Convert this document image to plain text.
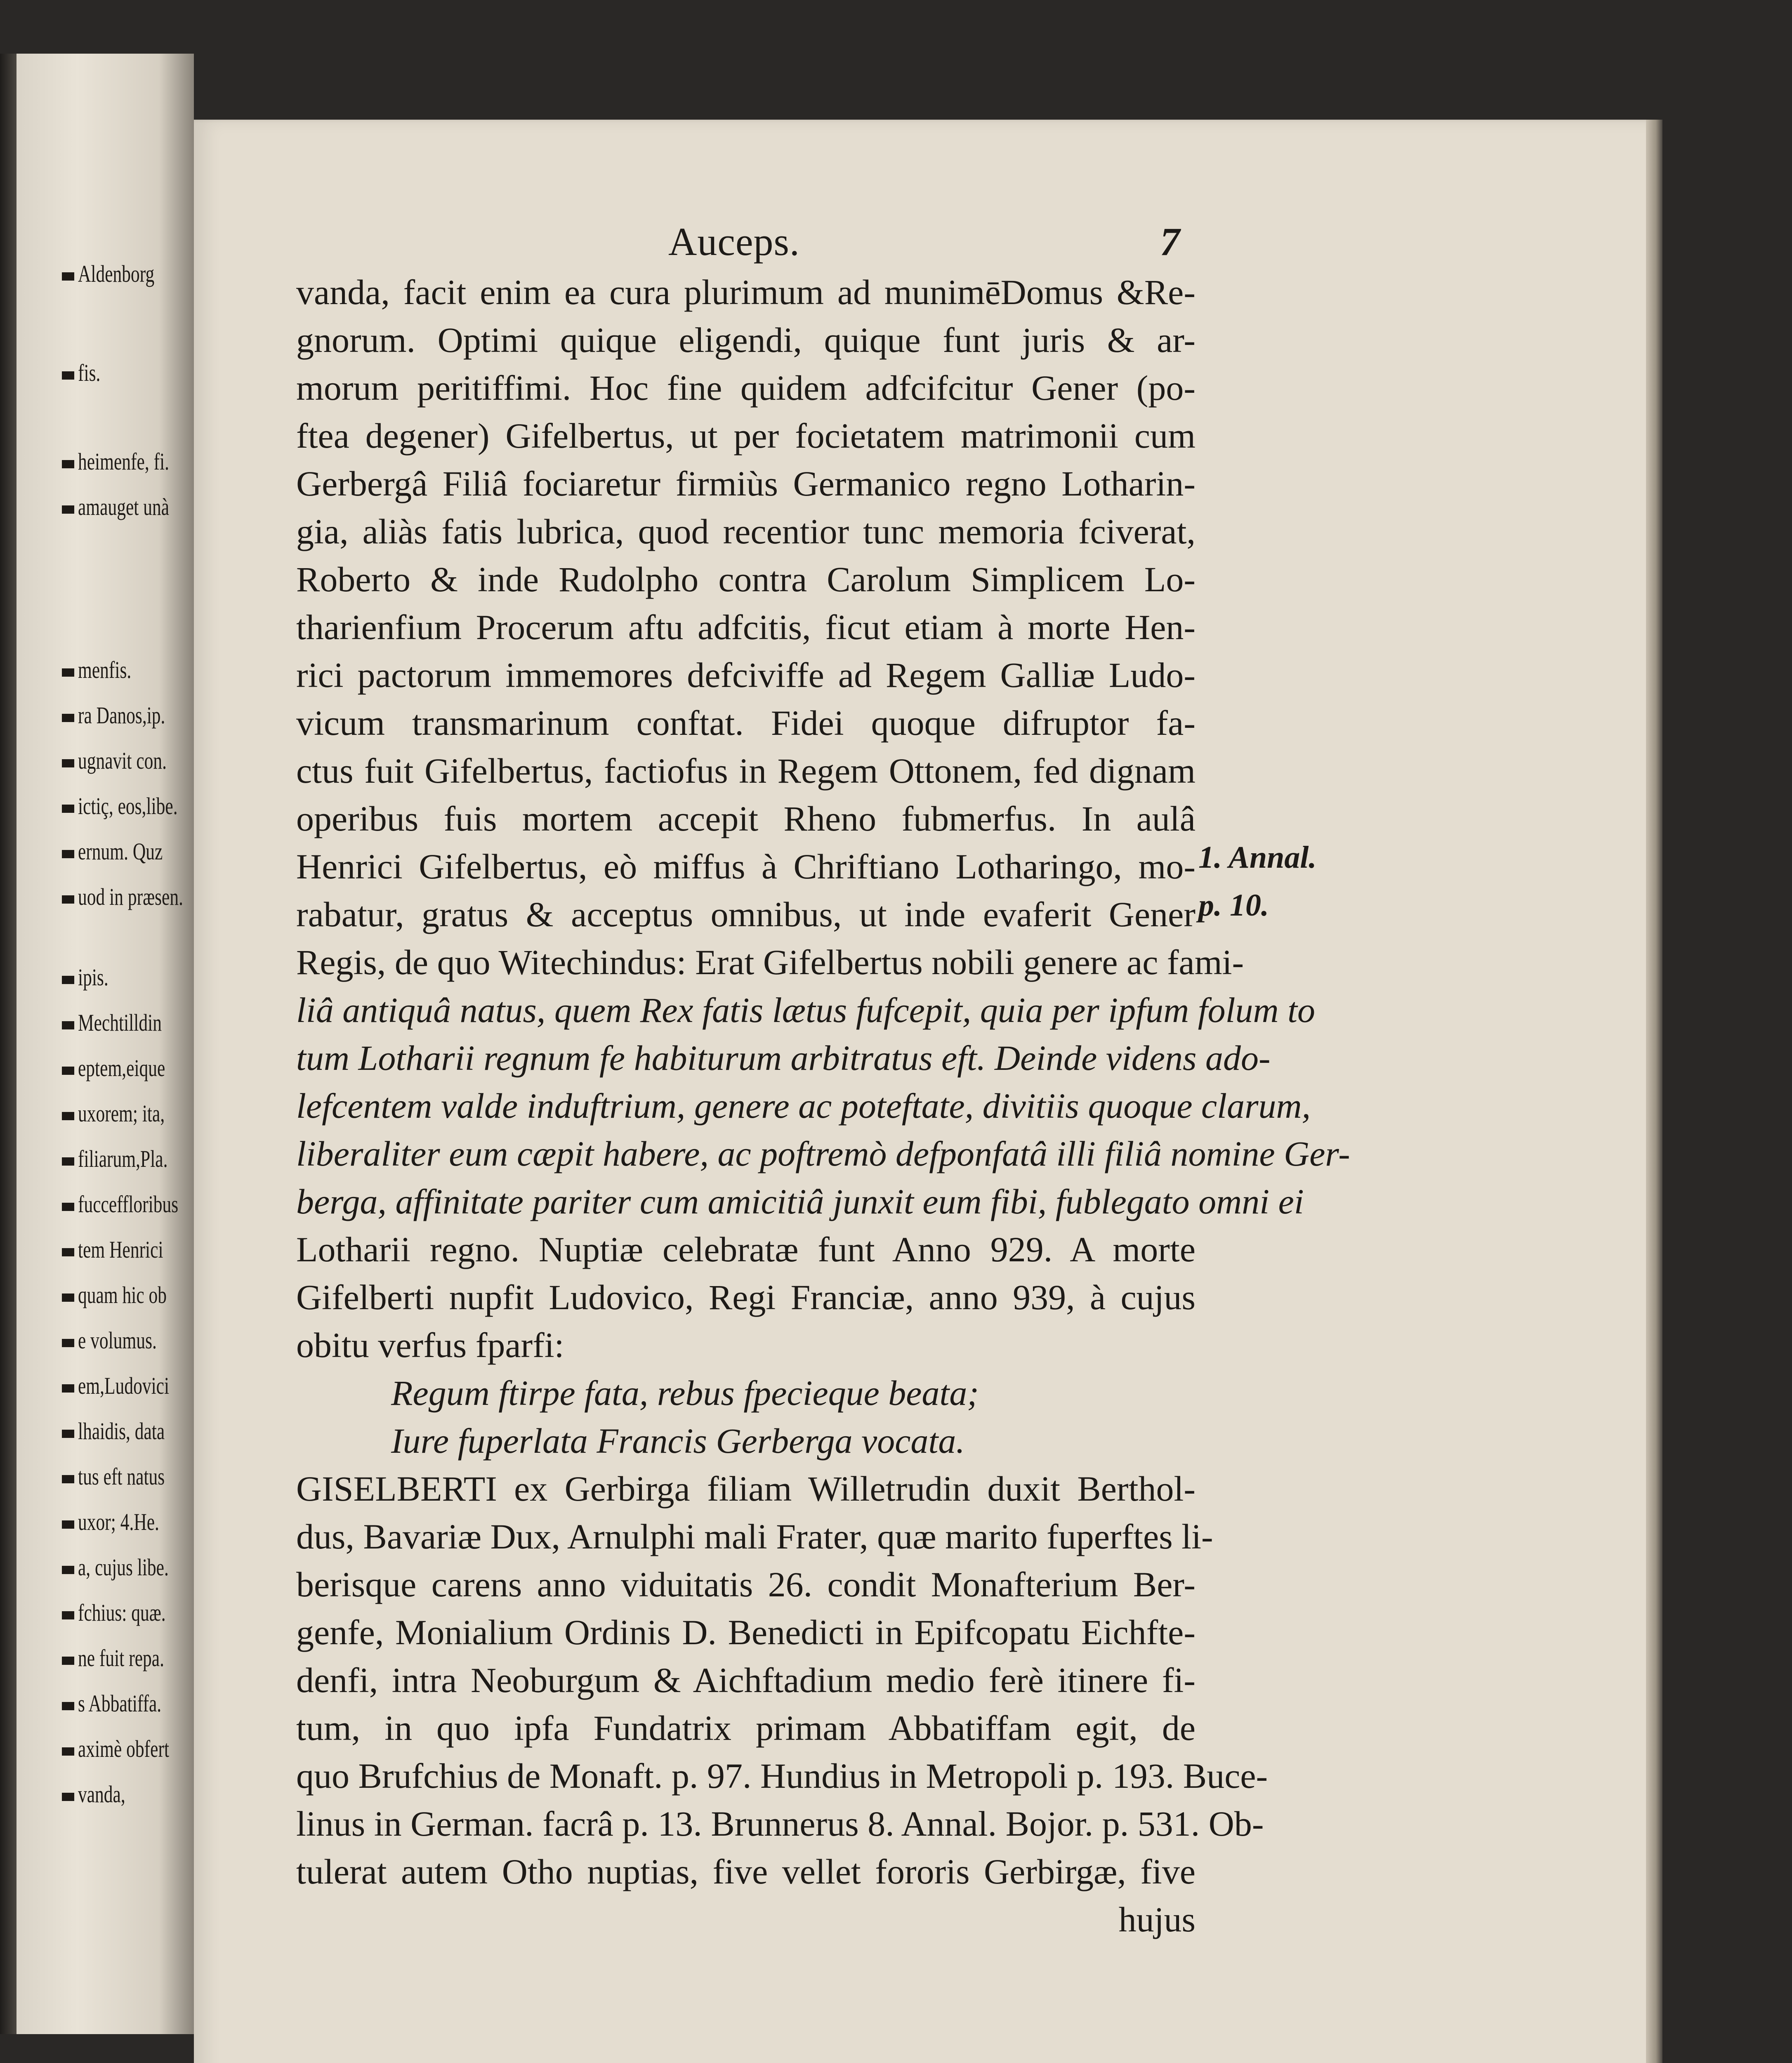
Aldenborg
fis.
heimenfe, fi.
amauget unà
menfis.
ra Danos,ip.
ugnavit con.
ictiç, eos,libe.
ernum. Quz
uod in præsen.
ipis.
Mechtilldin
eptem,eique
uxorem; ita,
filiarum,Pla.
fucceffloribus
tem Henrici
quam hic ob
e volumus.
em,Ludovici
lhaidis, data
tus eft natus
uxor; 4.He.
a, cujus libe.
fchius: quæ.
ne fuit repa.
s Abbatiffa.
aximè obfert
vanda,
Auceps.	7
vanda, facit enim ea cura plurimum ad munimēDomus &Re-
gnorum. Optimi quique eligendi, quique funt juris & ar-
morum peritiffimi. Hoc fine quidem adfcifcitur Gener (po-
ftea degener) Gifelbertus, ut per focietatem matrimonii cum
Gerbergâ Filiâ fociaretur firmiùs Germanico regno Lotharin-
gia, aliàs fatis lubrica, quod recentior tunc memoria fciverat,
Roberto & inde Rudolpho contra Carolum Simplicem Lo-
tharienfium Procerum aftu adfcitis, ficut etiam à morte Hen-
rici pactorum immemores defciviffe ad Regem Galliæ Ludo-
vicum transmarinum conftat. Fidei quoque difruptor fa-
ctus fuit Gifelbertus, factiofus in Regem Ottonem, fed dignam
operibus fuis mortem accepit Rheno fubmerfus. In aulâ
Henrici Gifelbertus, eò miffus à Chriftiano Lotharingo, mo-
rabatur, gratus & acceptus omnibus, ut inde evaferit Gener
Regis, de quo Witechindus: Erat Gifelbertus nobili genere ac fami-
liâ antiquâ natus, quem Rex fatis lætus fufcepit, quia per ipfum folum to
tum Lotharii regnum fe habiturum arbitratus eft. Deinde videns ado-
lefcentem valde induftrium, genere ac poteftate, divitiis quoque clarum,
liberaliter eum cæpit habere, ac poftremò defponfatâ illi filiâ nomine Ger-
berga, affinitate pariter cum amicitiâ junxit eum fibi, fublegato omni ei
Lotharii regno. Nuptiæ celebratæ funt Anno 929. A morte
Gifelberti nupfit Ludovico, Regi Franciæ, anno 939, à cujus
obitu verfus fparfi:
Regum ftirpe fata, rebus fpecieque beata;
Iure fuperlata Francis Gerberga vocata.
GISELBERTI ex Gerbirga filiam Willetrudin duxit Berthol-
dus, Bavariæ Dux, Arnulphi mali Frater, quæ marito fuperftes li-
berisque carens anno viduitatis 26. condit Monafterium Ber-
genfe, Monialium Ordinis D. Benedicti in Epifcopatu Eichfte-
denfi, intra Neoburgum & Aichftadium medio ferè itinere fi-
tum, in quo ipfa Fundatrix primam Abbatiffam egit, de
quo Brufchius de Monaft. p. 97. Hundius in Metropoli p. 193. Buce-
linus in German. facrâ p. 13. Brunnerus 8. Annal. Bojor. p. 531. Ob-
tulerat autem Otho nuptias, five vellet fororis Gerbirgæ, five
hujus
1. Annal.
p. 10.
